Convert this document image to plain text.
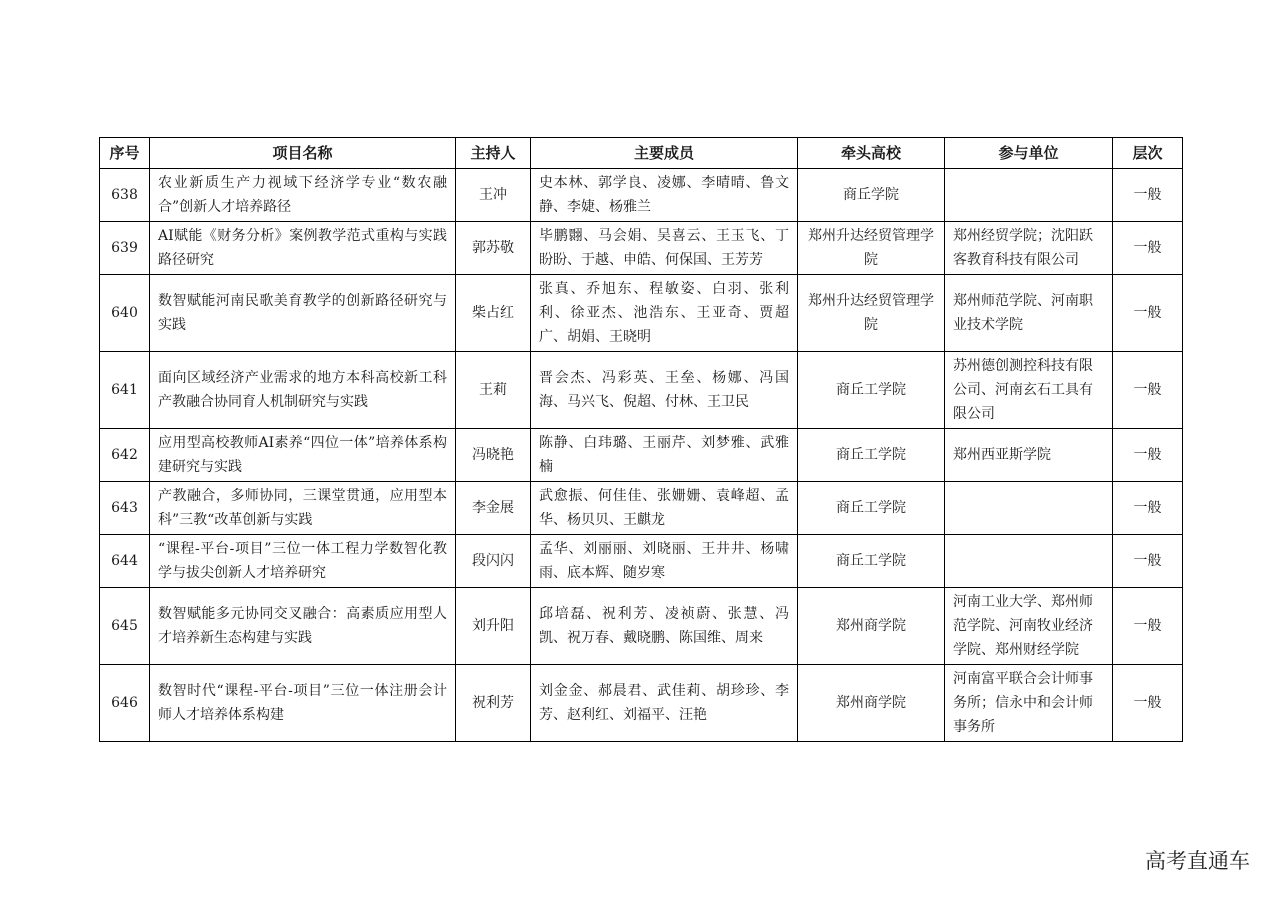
序号	项目名称	主持人	主要成员	牵头高校	参与单位	层次
638	农业新质生产力视域下经济学专业“数农融合”创新人才培养路径	王冲	史本林、郭学良、凌娜、李晴晴、鲁文静、李婕、杨雅兰	商丘学院		一般
639	AI赋能《财务分析》案例教学范式重构与实践路径研究	郭苏敬	毕鹏翾、马会娟、吴喜云、王玉飞、丁盼盼、于越、申皓、何保国、王芳芳	郑州升达经贸管理学院	郑州经贸学院；沈阳跃客教育科技有限公司	一般
640	数智赋能河南民歌美育教学的创新路径研究与实践	柴占红	张真、乔旭东、程敏姿、白羽、张利利、徐亚杰、池浩东、王亚奇、贾超广、胡娟、王晓明	郑州升达经贸管理学院	郑州师范学院、河南职业技术学院	一般
641	面向区域经济产业需求的地方本科高校新工科产教融合协同育人机制研究与实践	王莉	晋会杰、冯彩英、王垒、杨娜、冯国海、马兴飞、倪超、付林、王卫民	商丘工学院	苏州德创测控科技有限公司、河南玄石工具有限公司	一般
642	应用型高校教师AI素养“四位一体”培养体系构建研究与实践	冯晓艳	陈静、白玮璐、王丽芹、刘梦雅、武雅楠	商丘工学院	郑州西亚斯学院	一般
643	产教融合，多师协同，三课堂贯通，应用型本科”三教“改革创新与实践	李金展	武愈振、何佳佳、张姗姗、袁峰超、孟华、杨贝贝、王麒龙	商丘工学院		一般
644	“课程-平台-项目”三位一体工程力学数智化教学与拔尖创新人才培养研究	段闪闪	孟华、刘丽丽、刘晓丽、王井井、杨啸雨、底本辉、随岁寒	商丘工学院		一般
645	数智赋能多元协同交叉融合：高素质应用型人才培养新生态构建与实践	刘升阳	邱培磊、祝利芳、凌祯蔚、张慧、冯凯、祝万春、戴晓鹏、陈国维、周来	郑州商学院	河南工业大学、郑州师范学院、河南牧业经济学院、郑州财经学院	一般
646	数智时代“课程-平台-项目”三位一体注册会计师人才培养体系构建	祝利芳	刘金金、郝晨君、武佳莉、胡珍珍、李芳、赵利红、刘福平、汪艳	郑州商学院	河南富平联合会计师事务所；信永中和会计师事务所	一般
高考直通车
